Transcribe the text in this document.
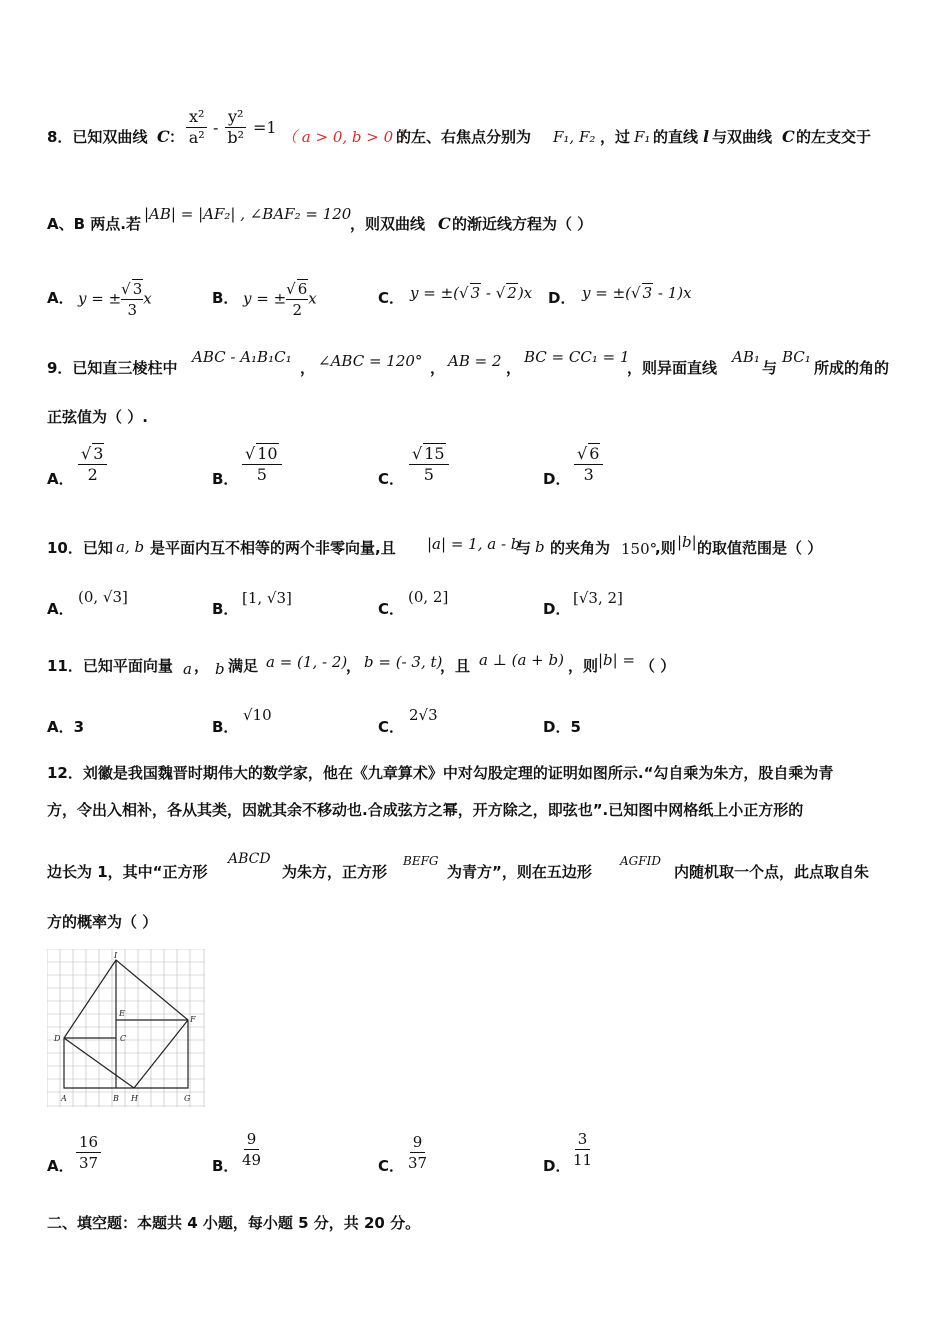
8．已知双曲线 C ： $\frac{\text{x²}}{\text{a²}} - \frac{\text{y²}}{\text{b²}} =1$ （ a > 0, b > 0 ）
的左、右焦点分别为 F₁, F₂ ，过 F₁ 的直线 l 与双曲线 C 的左支交于
A、B 两点.若
|AB| = |AF₂| , ∠BAF₂ = 120
，则双曲线 C 的渐近线方程为（ ）
A． y = ± $\frac{√ 3}{3}$ x	B． y = ± $\frac{√ 6}{2}$ x	C． y = ±(√ 3 - √ 2)x D． y = ±(√ 3 - 1)x
9．已知直三棱柱中
ABC - A₁B₁C₁
， ∠ABC = 120° ， AB = 2 ，
BC = CC₁ = 1
，则异面直线
AB₁
与
BC₁
所成的角的
正弦值为（ ）.
A． $\frac{√ 3}{2}$	B． $\frac{√ 10}{5}$	C． $\frac{√ 15}{5}$	D． $\frac{√ 6}{3}$
10．已知 a, b 是平面内互不相等的两个非零向量,且 |a| = 1, a - b
与 b 的夹角为 150°
,则 |b| 的取值范围是（ ）
A．
(0, √3]
B．
[1, √3]
C．
(0, 2]
D．
[√3, 2]
11．已知平面向量 a ， b 满足 a = (1, - 2)
， b = (- 3, t)
，且 a ⊥ (a + b) ，则 |b| = （ ）
A．3	B．
√10
C．
2√3
D．5
12．刘徽是我国魏晋时期伟大的数学家，他在《九章算术》中对勾股定理的证明如图所示.“勾自乘为朱方，股自乘为青
方，令出入相补，各从其类，因就其余不移动也.合成弦方之幂，开方除之，即弦也”.已知图中网格纸上小正方形的
边长为 1，其中“正方形
ABCD
为朱方，正方形
BEFG
为青方”，则在五边形
AGFID
内随机取一个点，此点取自朱
方的概率为（ ）
I
E
F
D	C
A	B H	G
A． $\frac{16}{37}$	B． $\frac{9}{49}$	C． $\frac{9}{37}$	D． $\frac{3}{11}$
二、填空题：本题共 4 小题，每小题 5 分，共 20 分。
